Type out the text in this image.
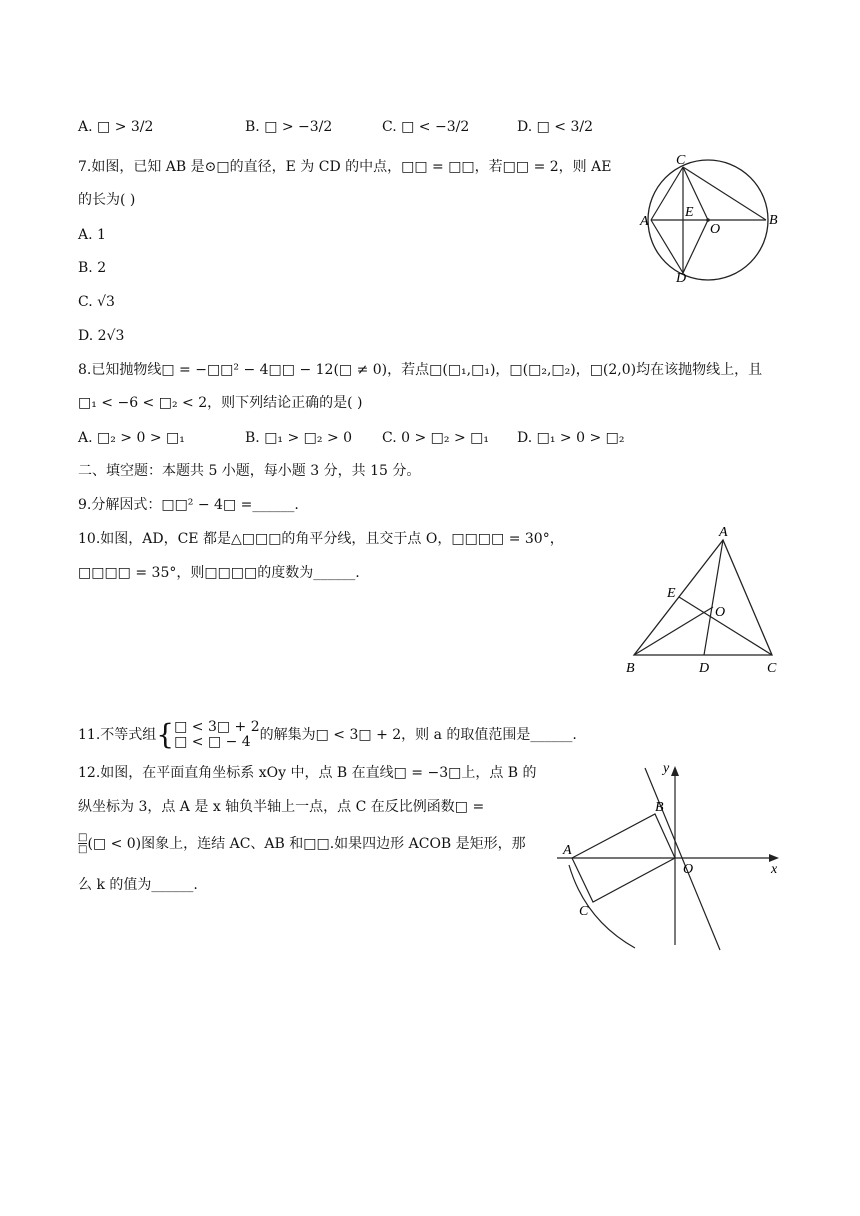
A. □ > 3/2	B. □ > −3/2	C. □ < −3/2	D. □ < 3/2
7.如图，已知 AB 是⊙□的直径，E 为 CD 的中点，□□ = □□，若□□ = 2，则 AE
的长为( )
A. 1
B. 2
C. √3
D. 2√3
C
A
E
O
B
D
8.已知抛物线□ = −□□² − 4□□ − 12(□ ≠ 0)，若点□(□₁,□₁)，□(□₂,□₂)，□(2,0)均在该抛物线上，且
□₁ < −6 < □₂ < 2，则下列结论正确的是( )
A. □₂ > 0 > □₁	B. □₁ > □₂ > 0 C. 0 > □₂ > □₁ D. □₁ > 0 > □₂
二、填空题：本题共 5 小题，每小题 3 分，共 15 分。
9.分解因式：□□² − 4□ =______.
10.如图，AD，CE 都是△□□□的角平分线，且交于点 O，□□□□ = 30°，
□□□□ = 35°，则□□□□的度数为______.
A
E
O
B	D	C
11.不等式组{□ < 3□ + 2
□ < □ − 4 的解集为□ < 3□ + 2，则 a 的取值范围是______.
12.如图，在平面直角坐标系 xOy 中，点 B 在直线□ = −3□上，点 B 的
纵坐标为 3，点 A 是 x 轴负半轴上一点，点 C 在反比例函数□ =
□
□(□ < 0)图象上，连结 AC、AB 和□□.如果四边形 ACOB 是矩形，那
么 k 的值为______.
y
x
B
A
O
C
